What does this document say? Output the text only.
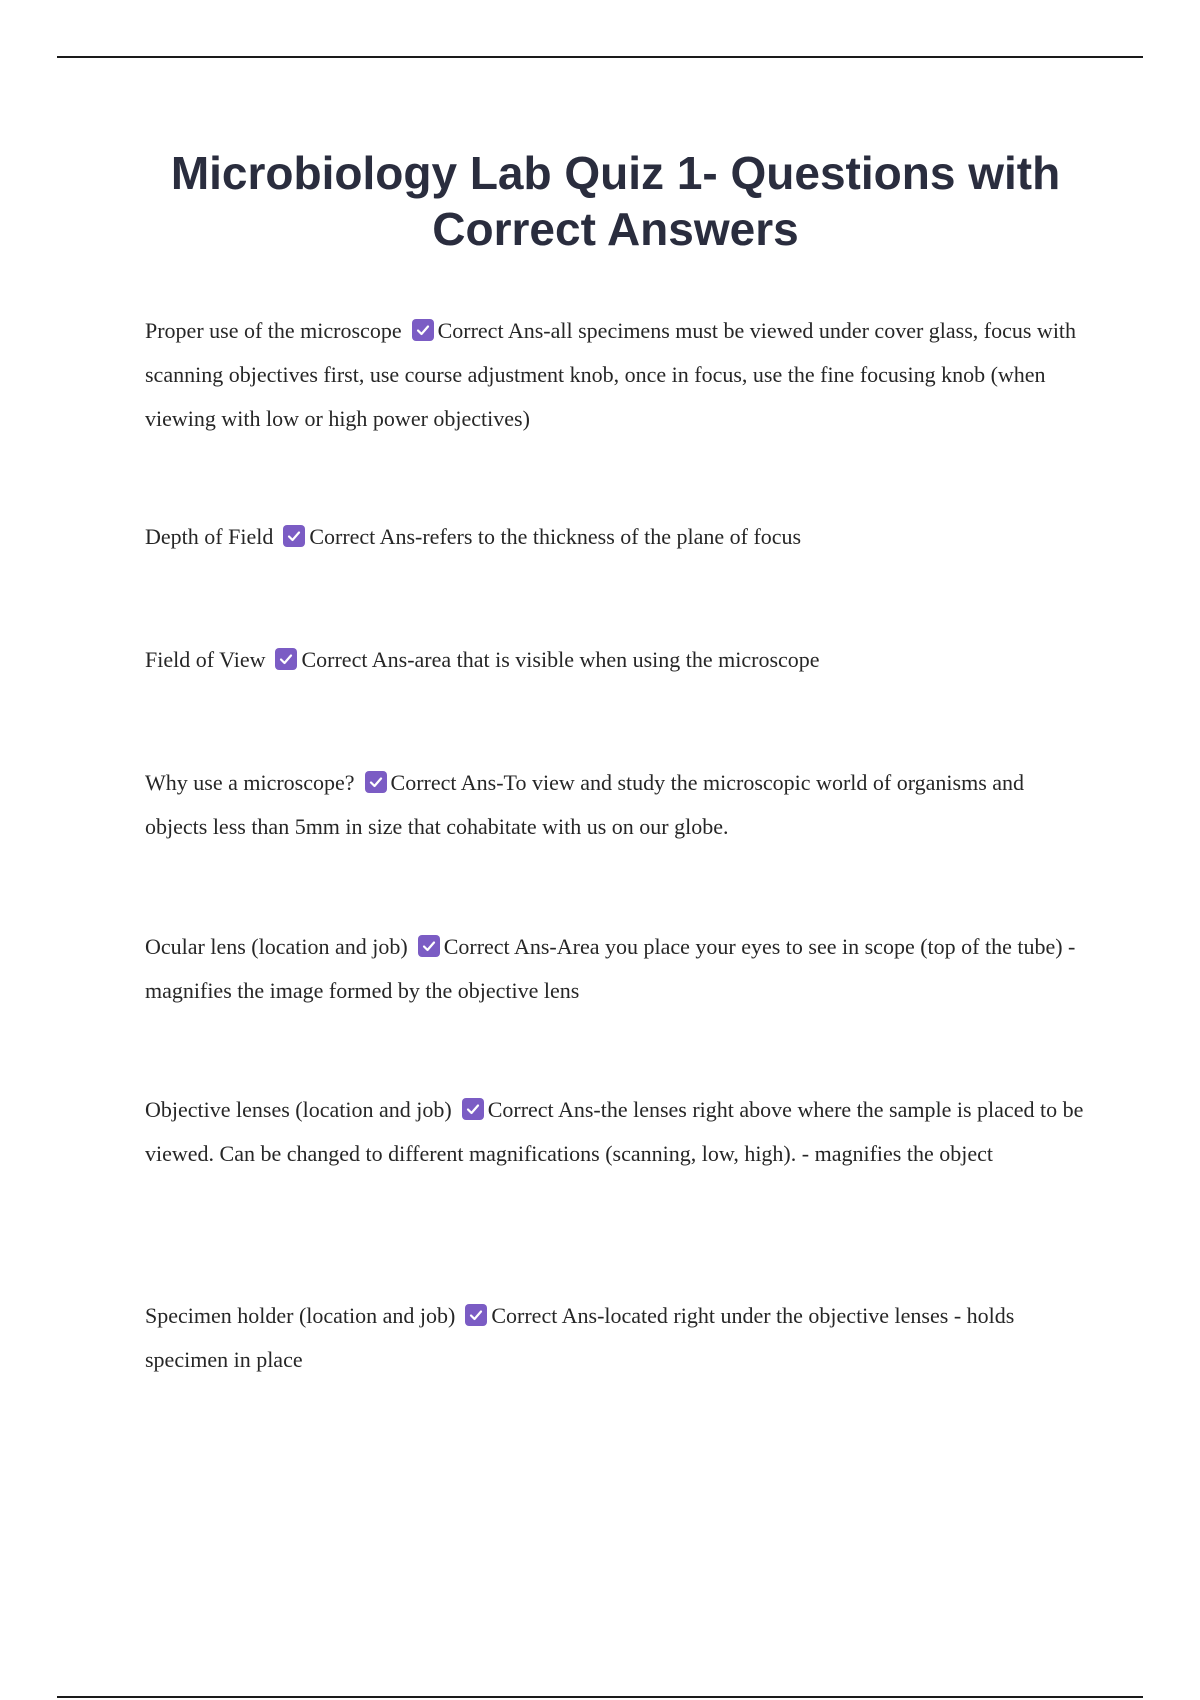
Microbiology Lab Quiz 1- Questions with Correct Answers

Proper use of the microscope Correct Ans-all specimens must be viewed under cover glass, focus with scanning objectives first, use course adjustment knob, once in focus, use the fine focusing knob (when viewing with low or high power objectives)

Depth of Field Correct Ans-refers to the thickness of the plane of focus

Field of View Correct Ans-area that is visible when using the microscope

Why use a microscope? Correct Ans-To view and study the microscopic world of organisms and objects less than 5mm in size that cohabitate with us on our globe.

Ocular lens (location and job) Correct Ans-Area you place your eyes to see in scope (top of the tube) - magnifies the image formed by the objective lens

Objective lenses (location and job) Correct Ans-the lenses right above where the sample is placed to be viewed. Can be changed to different magnifications (scanning, low, high). - magnifies the object

Specimen holder (location and job) Correct Ans-located right under the objective lenses - holds specimen in place
